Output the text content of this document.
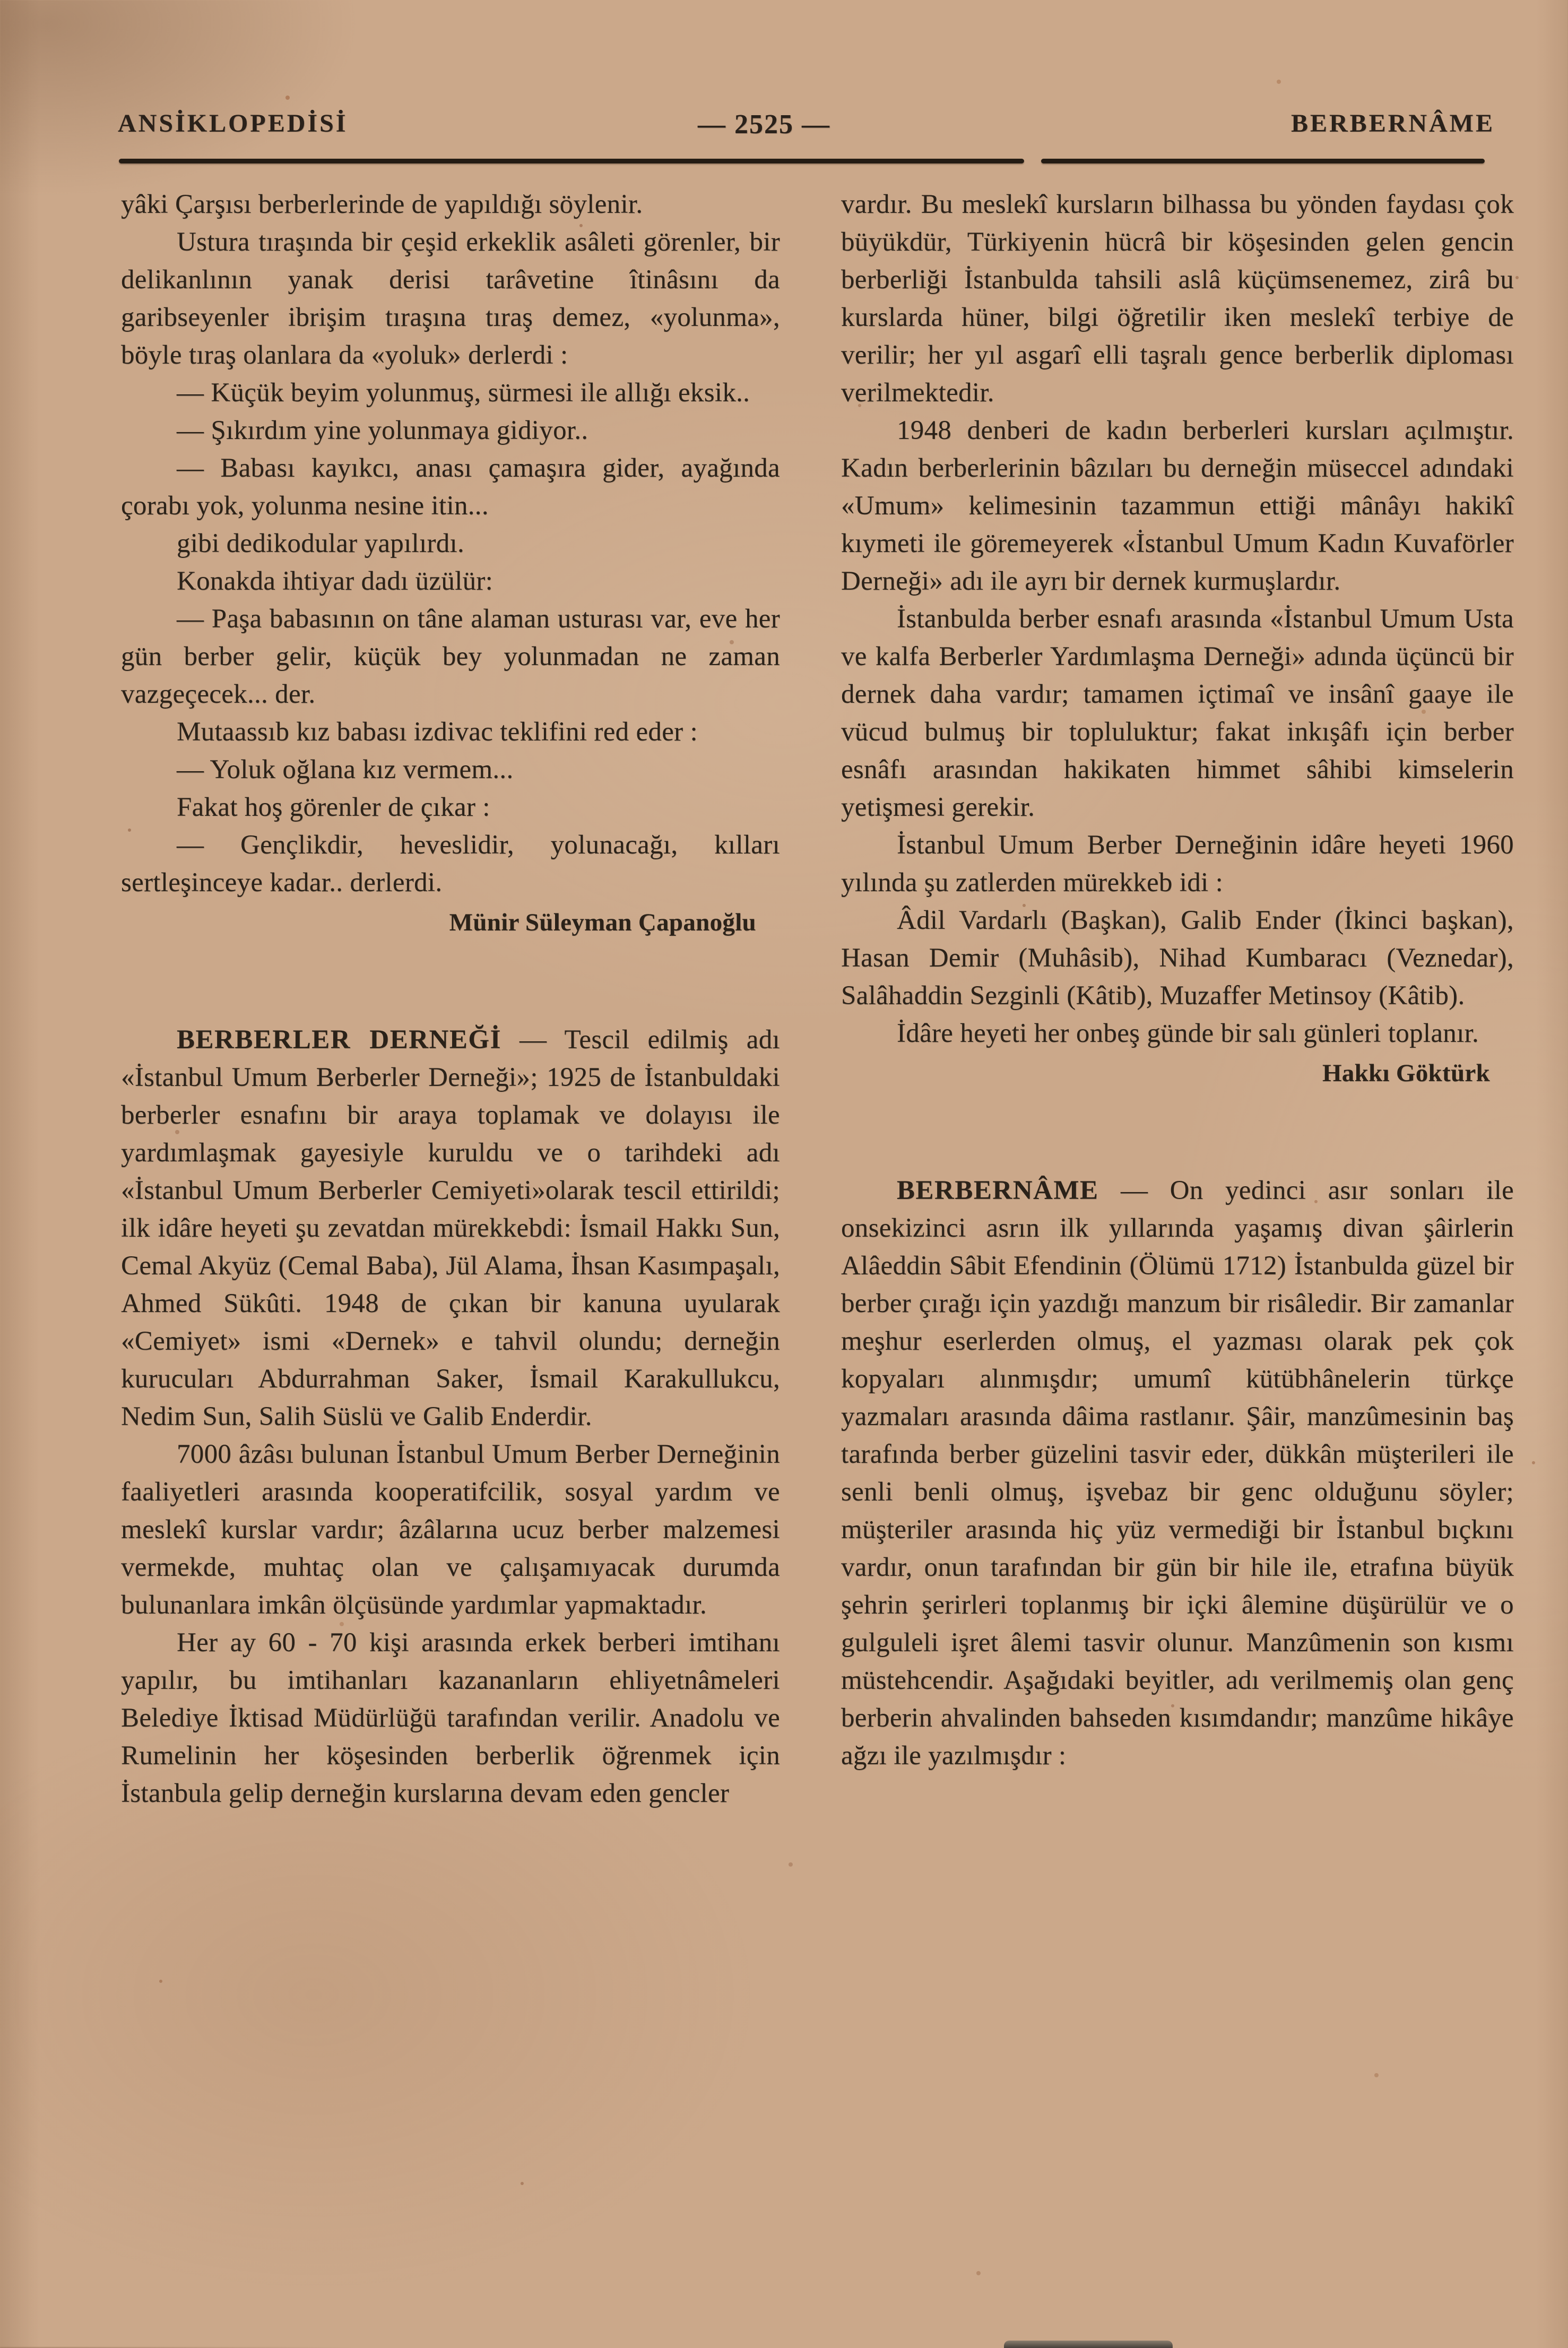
ANSİKLOPEDİSİ	— 2525 —	BERBERNÂME

yâki Çarşısı berberlerinde de yapıldığı söylenir.

Ustura tıraşında bir çeşid erkeklik asâleti görenler, bir delikanlının yanak derisi tarâvetine îtinâsını da garibseyenler ibrişim tıraşına tıraş demez, «yolunma», böyle tıraş olanlara da «yoluk» derlerdi :

— Küçük beyim yolunmuş, sürmesi ile allığı eksik..

— Şıkırdım yine yolunmaya gidiyor..

— Babası kayıkcı, anası çamaşıra gider, ayağında çorabı yok, yolunma nesine itin...

gibi dedikodular yapılırdı.

Konakda ihtiyar dadı üzülür:

— Paşa babasının on tâne alaman usturası var, eve her gün berber gelir, küçük bey yolunmadan ne zaman vazgeçecek... der.

Mutaassıb kız babası izdivac teklifini red eder :

— Yoluk oğlana kız vermem...

Fakat hoş görenler de çıkar :

— Gençlikdir, heveslidir, yolunacağı, kılları sertleşinceye kadar.. derlerdi.

Münir Süleyman Çapanoğlu

BERBERLER DERNEĞİ — Tescil edilmiş adı «İstanbul Umum Berberler Derneği»; 1925 de İstanbuldaki berberler esnafını bir araya toplamak ve dolayısı ile yardımlaşmak gayesiyle kuruldu ve o tarihdeki adı «İstanbul Umum Berberler Cemiyeti»olarak tescil ettirildi; ilk idâre heyeti şu zevatdan mürekkebdi: İsmail Hakkı Sun, Cemal Akyüz (Cemal Baba), Jül Alama, İhsan Kasımpaşalı, Ahmed Sükûti. 1948 de çıkan bir kanuna uyularak «Cemiyet» ismi «Dernek» e tahvil olundu; derneğin kurucuları Abdurrahman Saker, İsmail Karakullukcu, Nedim Sun, Salih Süslü ve Galib Enderdir.

7000 âzâsı bulunan İstanbul Umum Berber Derneğinin faaliyetleri arasında kooperatifcilik, sosyal yardım ve meslekî kurslar vardır; âzâlarına ucuz berber malzemesi vermekde, muhtaç olan ve çalışamıyacak durumda bulunanlara imkân ölçüsünde yardımlar yapmaktadır.

Her ay 60 - 70 kişi arasında erkek berberi imtihanı yapılır, bu imtihanları kazananların ehliyetnâmeleri Belediye İktisad Müdürlüğü tarafından verilir. Anadolu ve Rumelinin her köşesinden berberlik öğrenmek için İstanbula gelip derneğin kurslarına devam eden gencler

vardır. Bu meslekî kursların bilhassa bu yönden faydası çok büyükdür, Türkiyenin hücrâ bir köşesinden gelen gencin berberliği İstanbulda tahsili aslâ küçümsenemez, zirâ bu kurslarda hüner, bilgi öğretilir iken meslekî terbiye de verilir; her yıl asgarî elli taşralı gence berberlik diploması verilmektedir.

1948 denberi de kadın berberleri kursları açılmıştır. Kadın berberlerinin bâzıları bu derneğin müseccel adındaki «Umum» kelimesinin tazammun ettiği mânâyı hakikî kıymeti ile göremeyerek «İstanbul Umum Kadın Kuvaförler Derneği» adı ile ayrı bir dernek kurmuşlardır.

İstanbulda berber esnafı arasında «İstanbul Umum Usta ve kalfa Berberler Yardımlaşma Derneği» adında üçüncü bir dernek daha vardır; tamamen içtimaî ve insânî gaaye ile vücud bulmuş bir topluluktur; fakat inkışâfı için berber esnâfı arasından hakikaten himmet sâhibi kimselerin yetişmesi gerekir.

İstanbul Umum Berber Derneğinin idâre heyeti 1960 yılında şu zatlerden mürekkeb idi :

Âdil Vardarlı (Başkan), Galib Ender (İkinci başkan), Hasan Demir (Muhâsib), Nihad Kumbaracı (Veznedar), Salâhaddin Sezginli (Kâtib), Muzaffer Metinsoy (Kâtib).

İdâre heyeti her onbeş günde bir salı günleri toplanır.

Hakkı Göktürk

BERBERNÂME — On yedinci asır sonları ile onsekizinci asrın ilk yıllarında yaşamış divan şâirlerin Alâeddin Sâbit Efendinin (Ölümü 1712) İstanbulda güzel bir berber çırağı için yazdığı manzum bir risâledir. Bir zamanlar meşhur eserlerden olmuş, el yazması olarak pek çok kopyaları alınmışdır; umumî kütübhânelerin türkçe yazmaları arasında dâima rastlanır. Şâir, manzûmesinin baş tarafında berber güzelini tasvir eder, dükkân müşterileri ile senli benli olmuş, işvebaz bir genc olduğunu söyler; müşteriler arasında hiç yüz vermediği bir İstanbul bıçkını vardır, onun tarafından bir gün bir hile ile, etrafına büyük şehrin şerirleri toplanmış bir içki âlemine düşürülür ve o gulguleli işret âlemi tasvir olunur. Manzûmenin son kısmı müstehcendir. Aşağıdaki beyitler, adı verilmemiş olan genç berberin ahvalinden bahseden kısımdandır; manzûme hikâye ağzı ile yazılmışdır :
